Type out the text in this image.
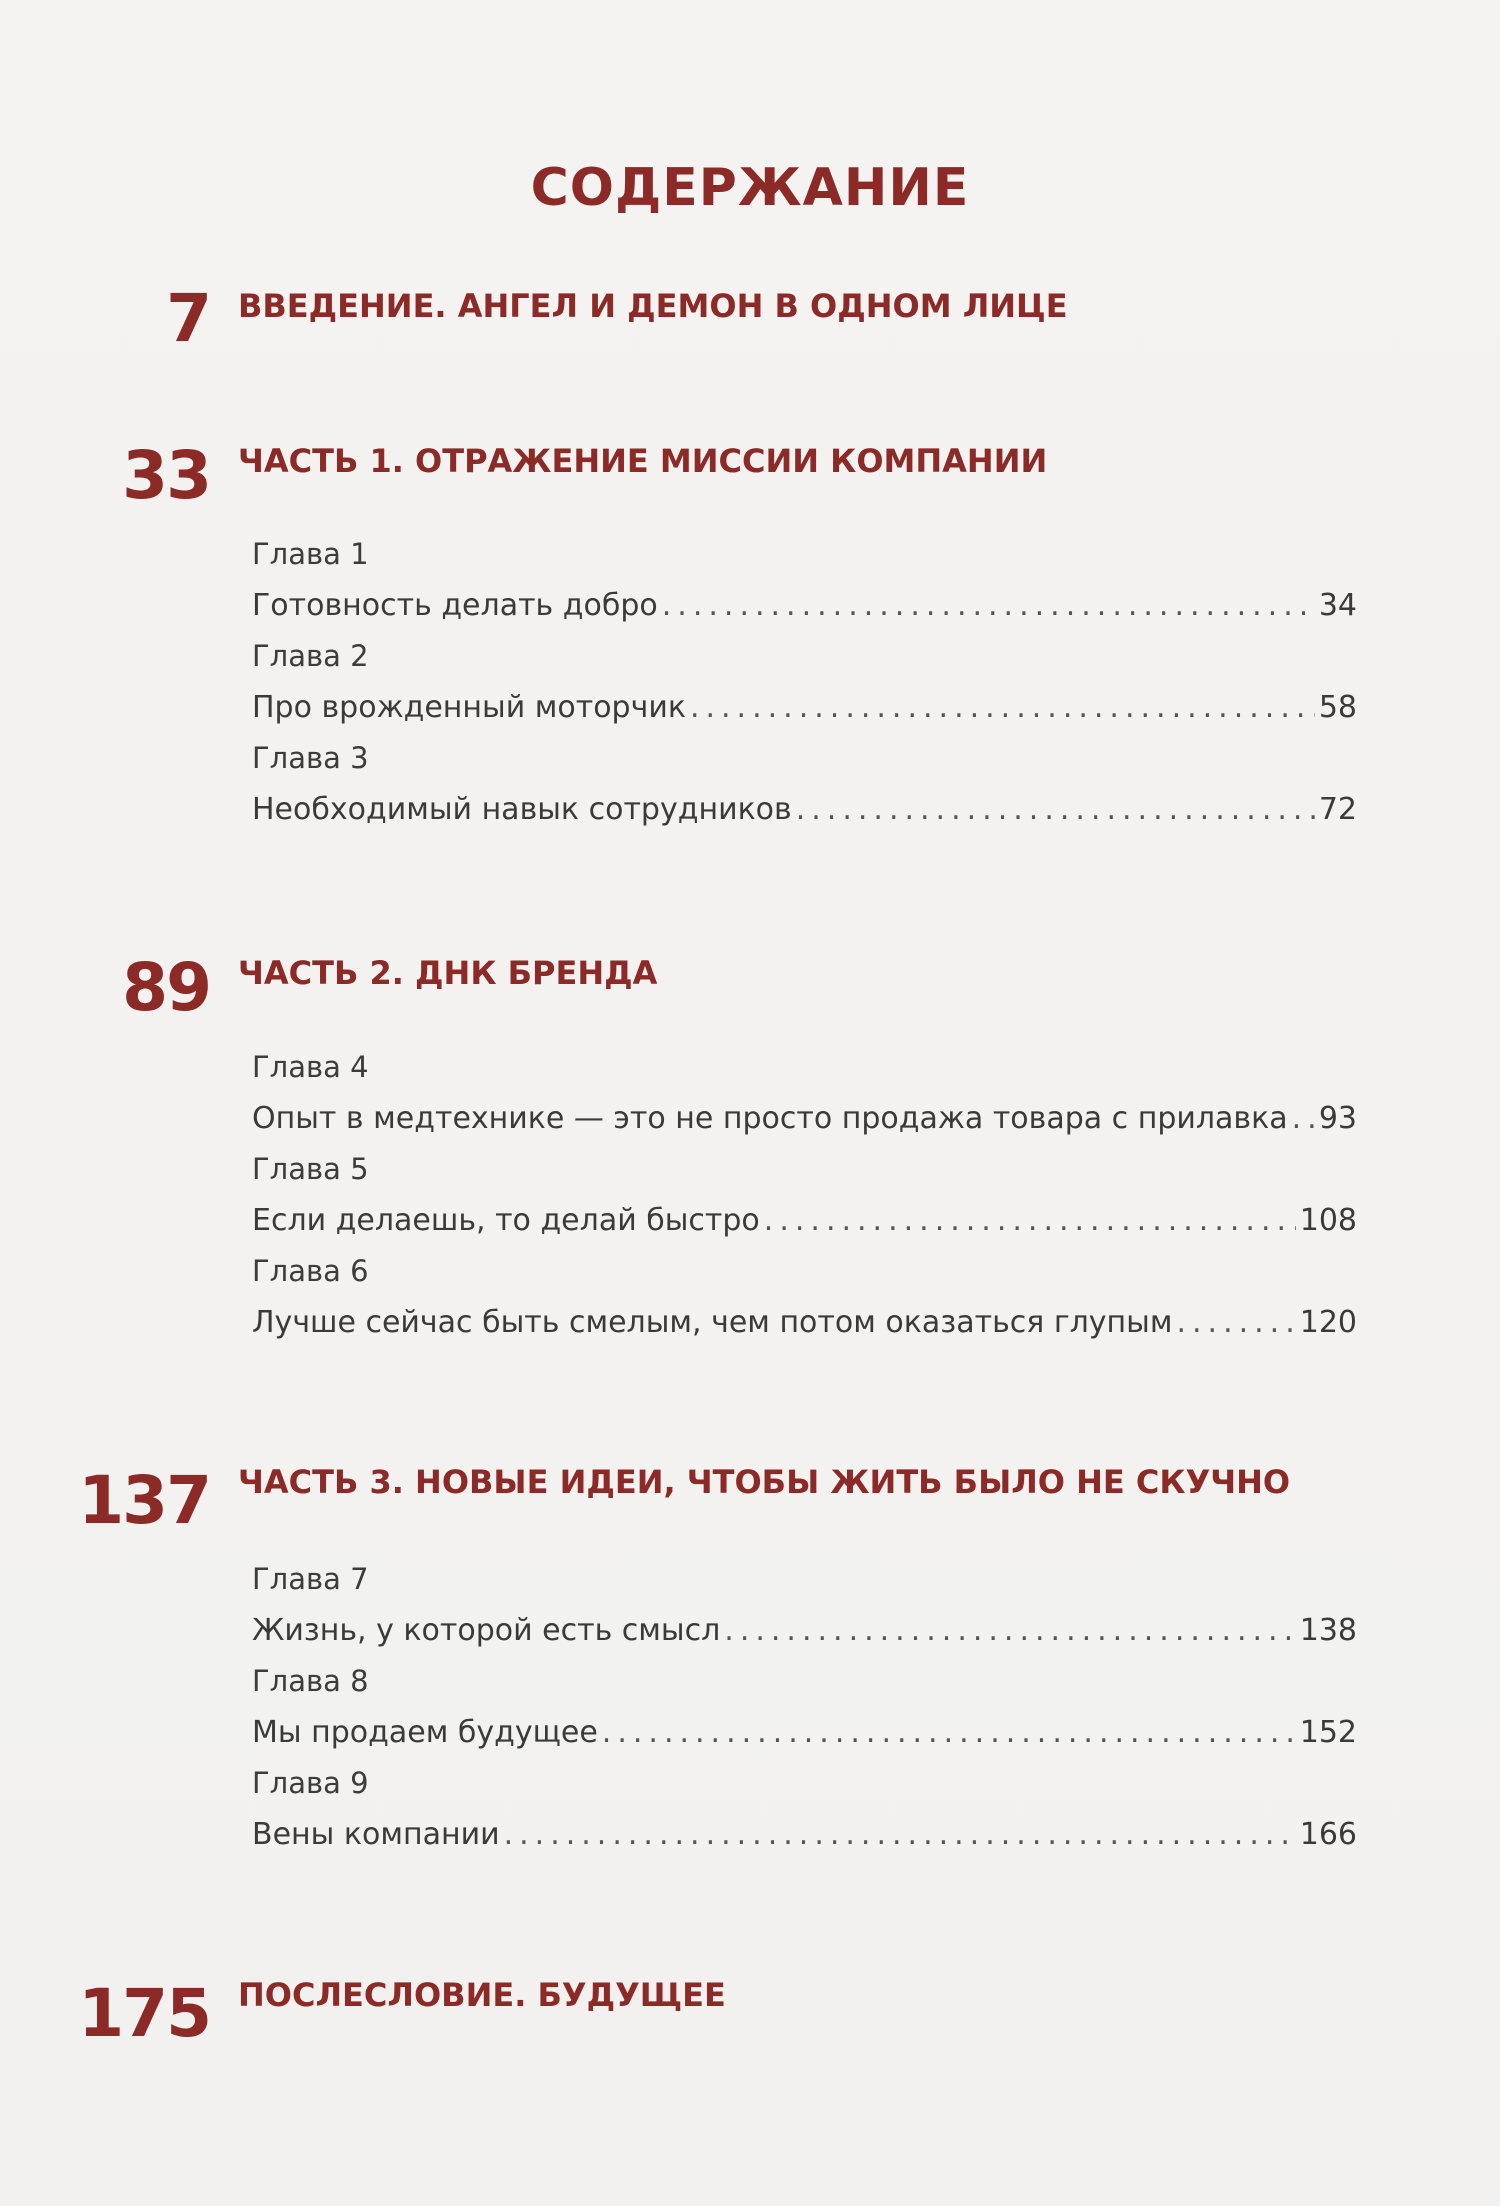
СОДЕРЖАНИЕ
7 ВВЕДЕНИЕ. АНГЕЛ И ДЕМОН В ОДНОМ ЛИЦЕ
33 ЧАСТЬ 1. ОТРАЖЕНИЕ МИССИИ КОМПАНИИ
Глава 1
Готовность делать добро .....	34
Глава 2
Про врожденный моторчик .....	58
Глава 3
Необходимый навык сотрудников .....	72
89 ЧАСТЬ 2. ДНК БРЕНДА
Глава 4
Опыт в медтехнике — это не просто продажа товара с прилавка ..... 93
Глава 5
Если делаешь, то делай быстро .....	108
Глава 6
Лучше сейчас быть смелым, чем потом оказаться глупым .....	120
137 ЧАСТЬ 3. НОВЫЕ ИДЕИ, ЧТОБЫ ЖИТЬ БЫЛО НЕ СКУЧНО
Глава 7
Жизнь, у которой есть смысл .....	138
Глава 8
Мы продаем будущее .....	152
Глава 9
Вены компании .....	166
175 ПОСЛЕСЛОВИЕ. БУДУЩЕЕ
